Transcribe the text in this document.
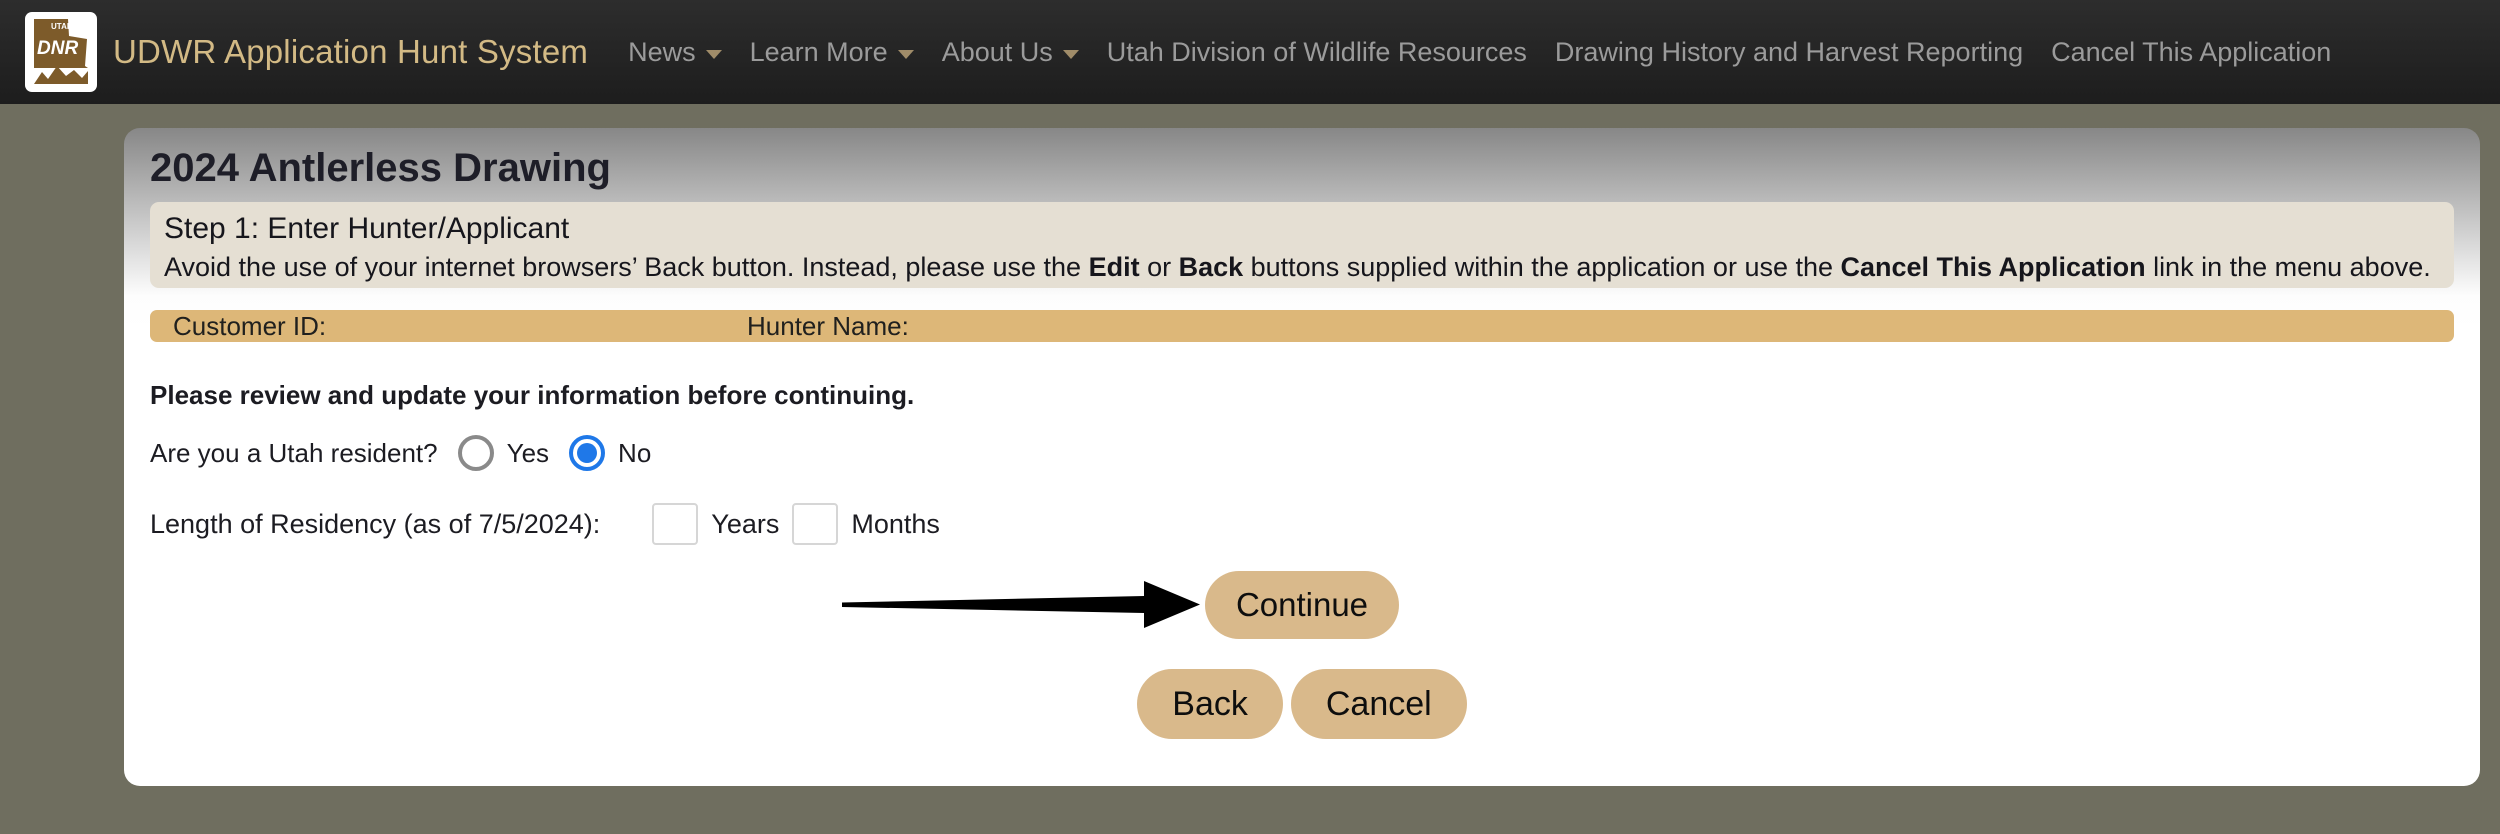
UTAH
DNR UDWR Application Hunt System News Learn More About Us Utah Division of Wildlife Resources Drawing History and Harvest Reporting Cancel This Application
2024 Antlerless Drawing
Step 1: Enter Hunter/Applicant
Avoid the use of your internet browsers’ Back button. Instead, please use the Edit or Back buttons supplied within the application or use the Cancel This Application link in the menu above.
Customer ID:	Hunter Name:
Please review and update your information before continuing.
Are you a Utah resident?	Yes	No
Length of Residency (as of 7/5/2024):	Years	Months
Continue
Back	Cancel
